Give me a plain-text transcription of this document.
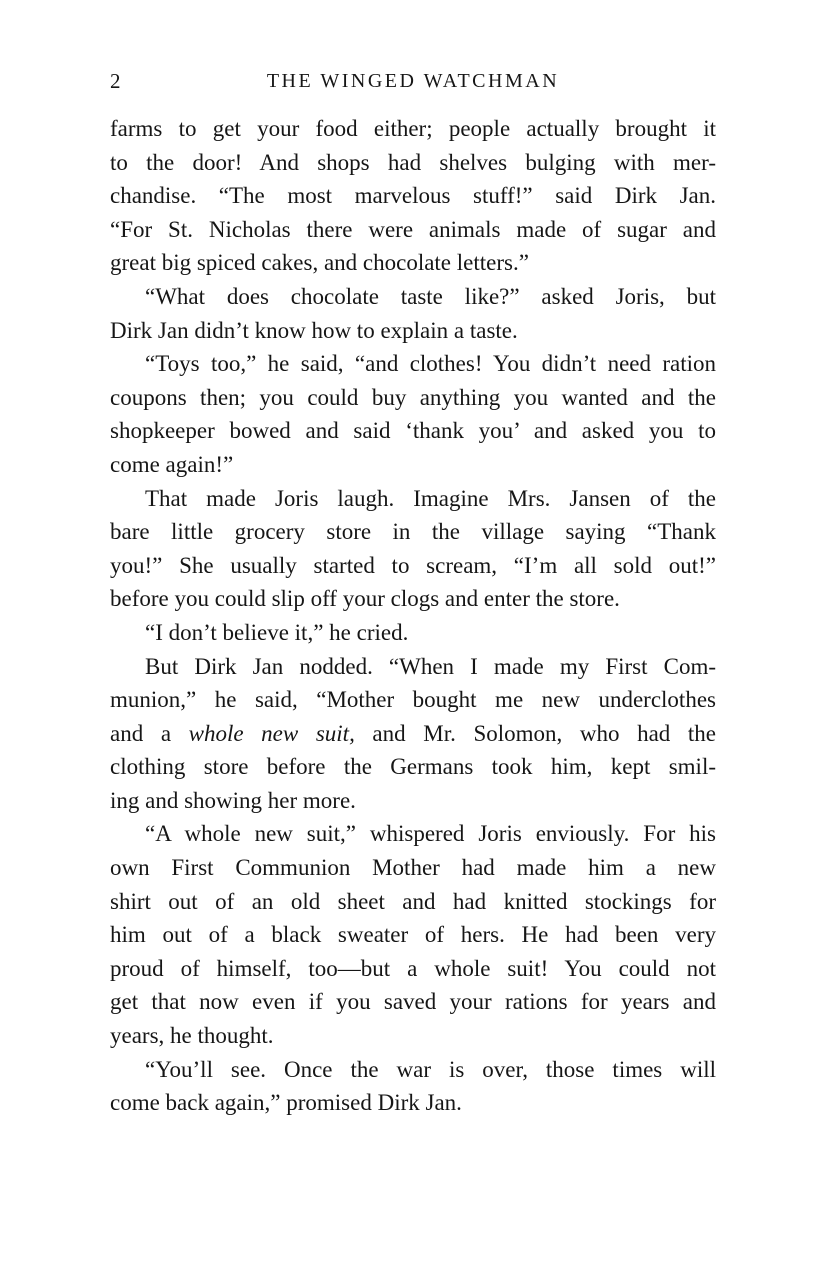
2	THE WINGED WATCHMAN
farms to get your food either; people actually brought it
to the door! And shops had shelves bulging with mer-
chandise. “The most marvelous stuff!” said Dirk Jan.
“For St. Nicholas there were animals made of sugar and
great big spiced cakes, and chocolate letters.”
“What does chocolate taste like?” asked Joris, but
Dirk Jan didn’t know how to explain a taste.
“Toys too,” he said, “and clothes! You didn’t need ration
coupons then; you could buy anything you wanted and the
shopkeeper bowed and said ‘thank you’ and asked you to
come again!”
That made Joris laugh. Imagine Mrs. Jansen of the
bare little grocery store in the village saying “Thank
you!” She usually started to scream, “I’m all sold out!”
before you could slip off your clogs and enter the store.
“I don’t believe it,” he cried.
But Dirk Jan nodded. “When I made my First Com-
munion,” he said, “Mother bought me new underclothes
and a whole new suit, and Mr. Solomon, who had the
clothing store before the Germans took him, kept smil-
ing and showing her more.
“A whole new suit,” whispered Joris enviously. For his
own First Communion Mother had made him a new
shirt out of an old sheet and had knitted stockings for
him out of a black sweater of hers. He had been very
proud of himself, too—but a whole suit! You could not
get that now even if you saved your rations for years and
years, he thought.
“You’ll see. Once the war is over, those times will
come back again,” promised Dirk Jan.
